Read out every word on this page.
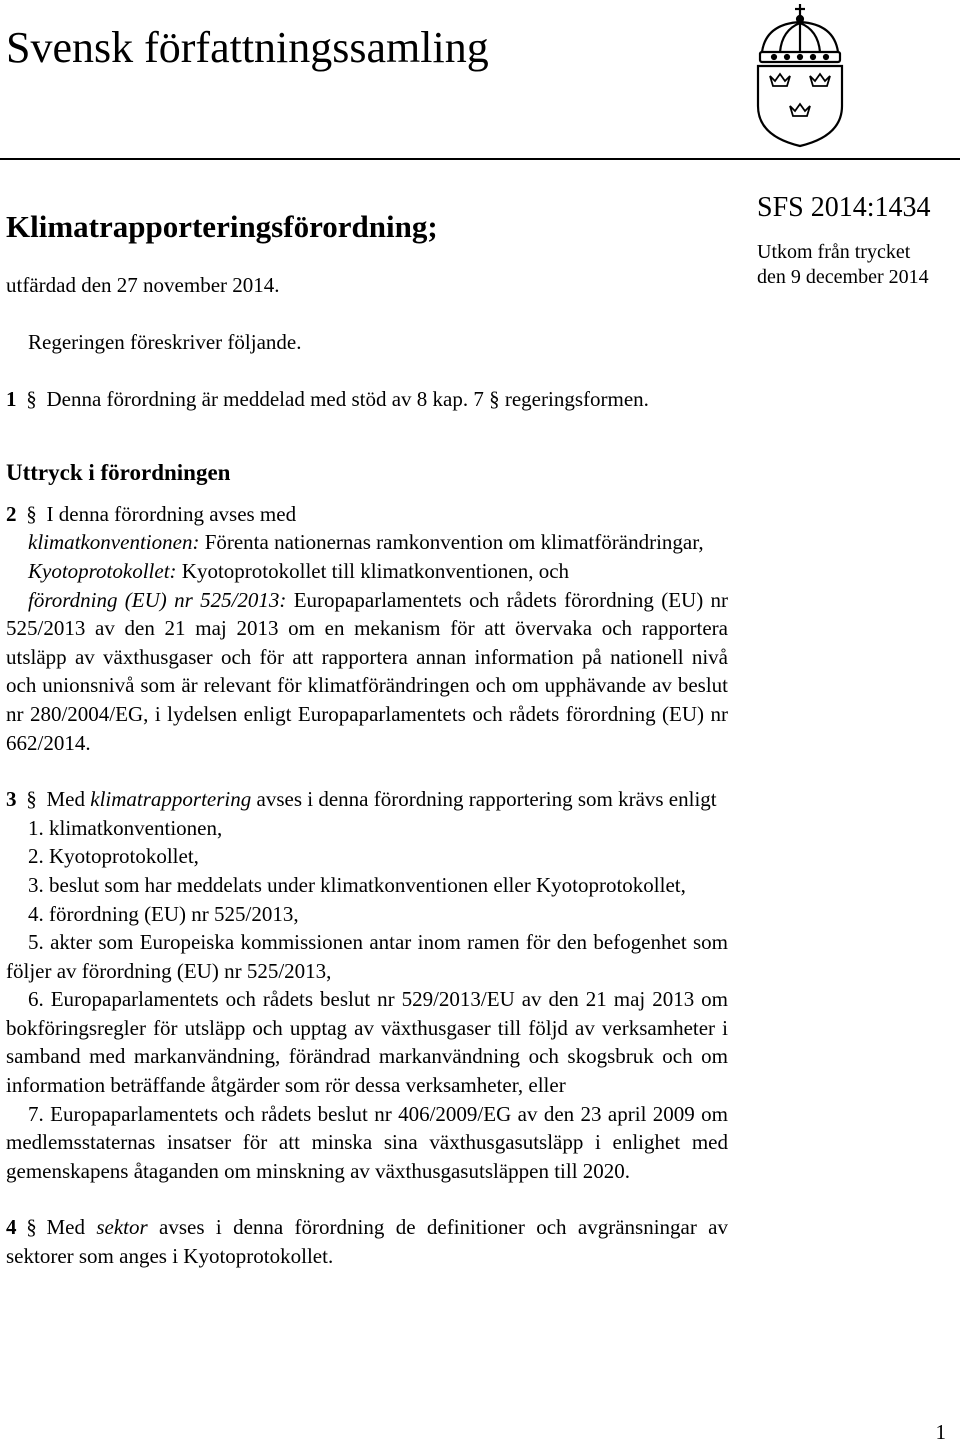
Svensk författningssamling
Klimatrapporteringsförordning;
utfärdad den 27 november 2014.
SFS 2014:1434
Utkom från trycket
den 9 december 2014

Regeringen föreskriver följande.

1 § Denna förordning är meddelad med stöd av 8 kap. 7 § regeringsformen.

Uttryck i förordningen

2 § I denna förordning avses med

klimatkonventionen: Förenta nationernas ramkonvention om klimatförändringar,

Kyotoprotokollet: Kyotoprotokollet till klimatkonventionen, och

förordning (EU) nr 525/2013: Europaparlamentets och rådets förordning (EU) nr 525/2013 av den 21 maj 2013 om en mekanism för att övervaka och rapportera utsläpp av växthusgaser och för att rapportera annan information på nationell nivå och unionsnivå som är relevant för klimatförändringen och om upphävande av beslut nr 280/2004/EG, i lydelsen enligt Europaparlamentets och rådets förordning (EU) nr 662/2014.

3 § Med klimatrapportering avses i denna förordning rapportering som krävs enligt

1. klimatkonventionen,

2. Kyotoprotokollet,

3. beslut som har meddelats under klimatkonventionen eller Kyotoprotokollet,

4. förordning (EU) nr 525/2013,

5. akter som Europeiska kommissionen antar inom ramen för den befogenhet som följer av förordning (EU) nr 525/2013,

6. Europaparlamentets och rådets beslut nr 529/2013/EU av den 21 maj 2013 om bokföringsregler för utsläpp och upptag av växthusgaser till följd av verksamheter i samband med markanvändning, förändrad markanvändning och skogsbruk och om information beträffande åtgärder som rör dessa verksamheter, eller

7. Europaparlamentets och rådets beslut nr 406/2009/EG av den 23 april 2009 om medlemsstaternas insatser för att minska sina växthusgasutsläpp i enlighet med gemenskapens åtaganden om minskning av växthusgasutsläppen till 2020.

4 § Med sektor avses i denna förordning de definitioner och avgränsningar av sektorer som anges i Kyotoprotokollet.

1
